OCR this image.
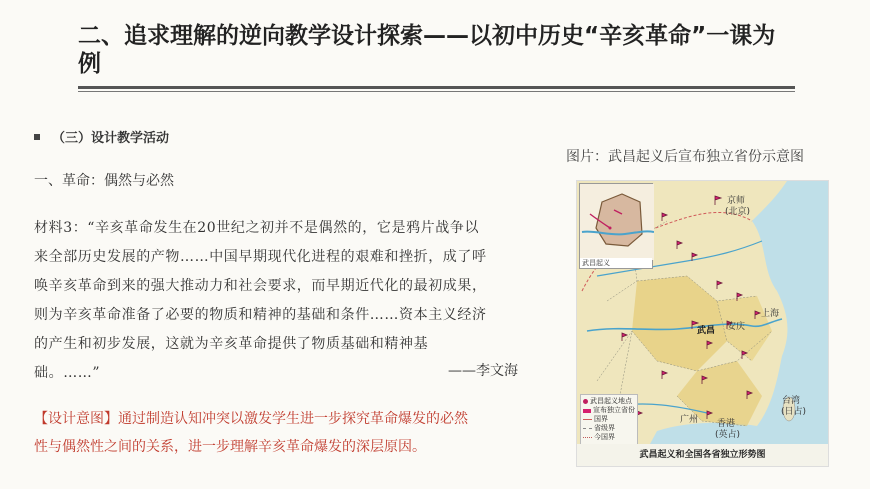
二、追求理解的逆向教学设计探索——以初中历史“辛亥革命”一课为例
（三）设计教学活动
一、革命：偶然与必然
材料3：“辛亥革命发生在20世纪之初并不是偶然的，它是鸦片战争以
来全部历史发展的产物……中国早期现代化进程的艰难和挫折，成了呼
唤辛亥革命到来的强大推动力和社会要求，而早期近代化的最初成果，
则为辛亥革命准备了必要的物质和精神的基础和条件……资本主义经济
的产生和初步发展，这就为辛亥革命提供了物质基础和精神基
础。……”	——李文海
【设计意图】通过制造认知冲突以激发学生进一步探究革命爆发的必然
性与偶然性之间的关系，进一步理解辛亥革命爆发的深层原因。
图片：武昌起义后宣布独立省份示意图
武昌起义
京师
(北京)
武昌 安庆
上海
广州 香港
(英占)
台湾
(日占)
武昌起义地点
宣布独立省份
国界
省级界
今国界
武昌起义和全国各省独立形势图
